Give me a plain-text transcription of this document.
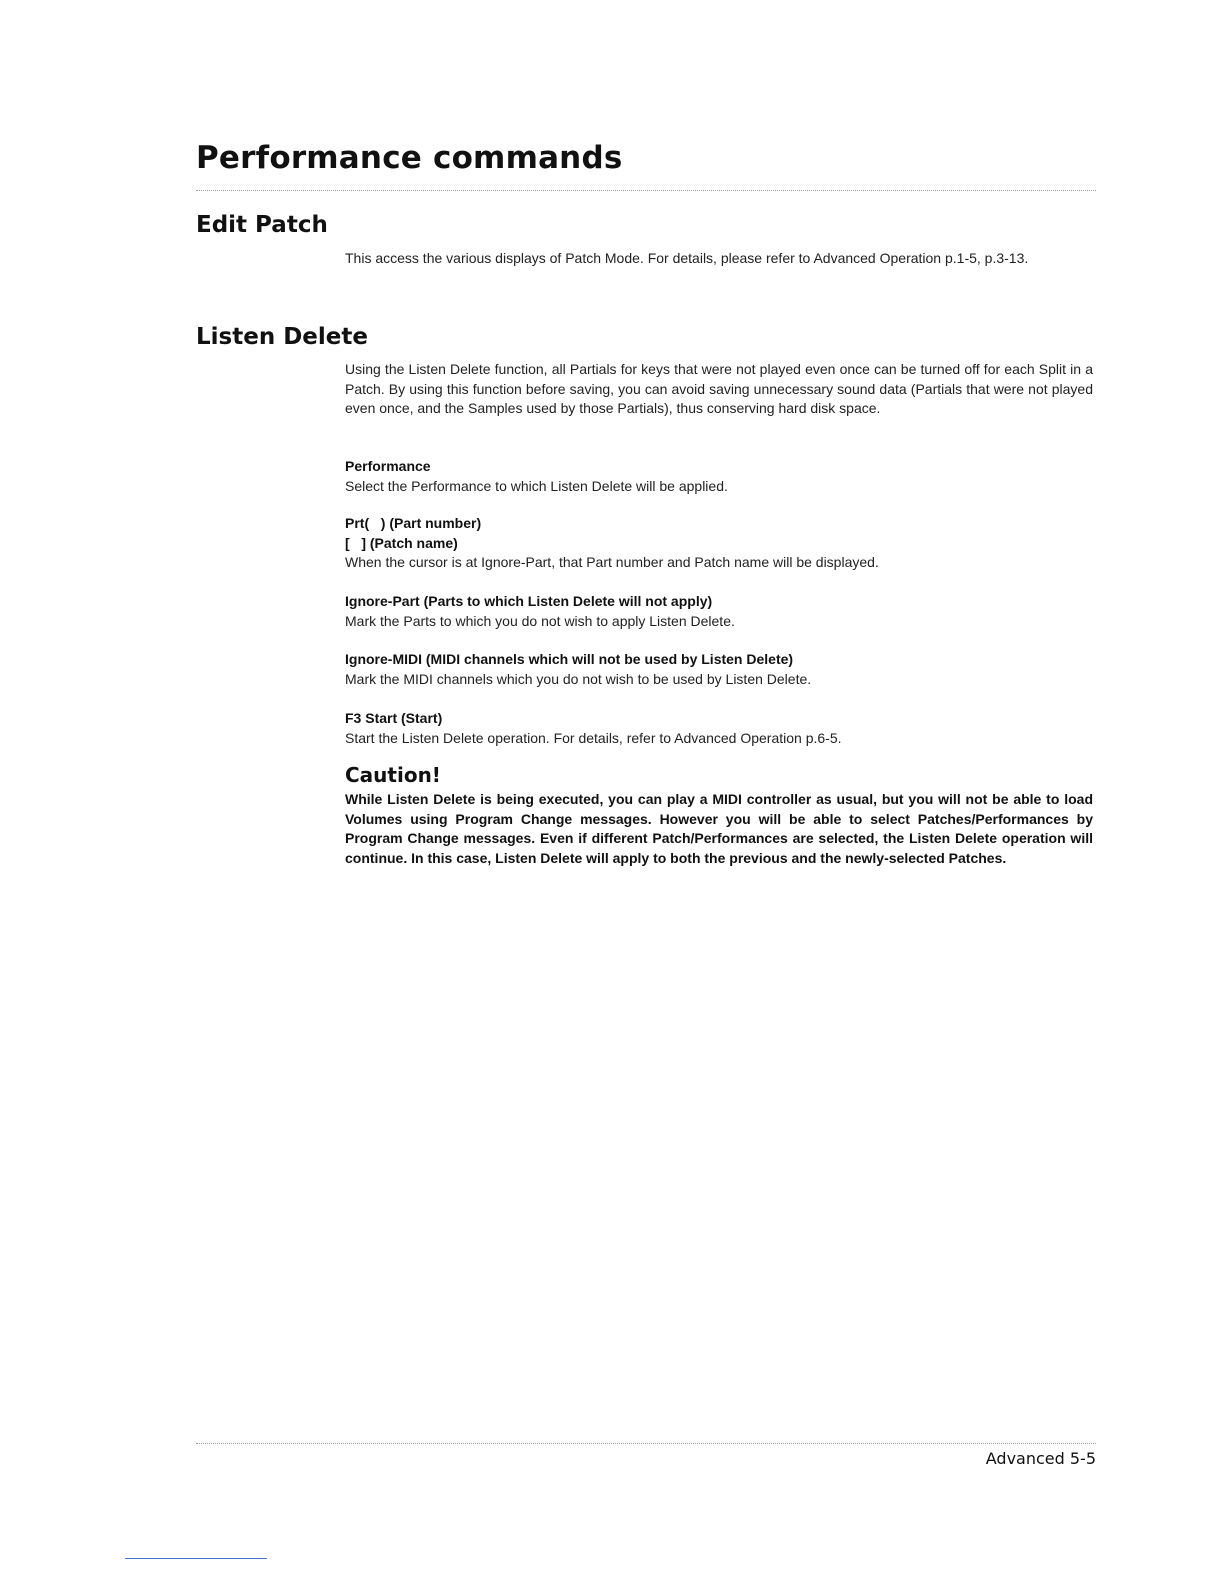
Performance commands
Edit Patch

This access the various displays of Patch Mode. For details, please refer to Advanced Operation p.1-5, p.3-13.

Listen Delete

Using the Listen Delete function, all Partials for keys that were not played even once can be turned off for each Split in a Patch. By using this function before saving, you can avoid saving unnecessary sound data (Partials that were not played even once, and the Samples used by those Partials), thus conserving hard disk space.

Performance
Select the Performance to which Listen Delete will be applied.
Prt(   ) (Part number)
[   ] (Patch name)
When the cursor is at Ignore-Part, that Part number and Patch name will be displayed.
Ignore-Part (Parts to which Listen Delete will not apply)
Mark the Parts to which you do not wish to apply Listen Delete.
Ignore-MIDI (MIDI channels which will not be used by Listen Delete)
Mark the MIDI channels which you do not wish to be used by Listen Delete.
F3 Start (Start)
Start the Listen Delete operation. For details, refer to Advanced Operation p.6-5.
Caution!

While Listen Delete is being executed, you can play a MIDI controller as usual, but you will not be able to load Volumes using Program Change messages. However you will be able to select Patches/Performances by Program Change messages. Even if different Patch/Performances are selected, the Listen Delete operation will continue. In this case, Listen Delete will apply to both the previous and the newly-selected Patches.

Advanced 5-5
